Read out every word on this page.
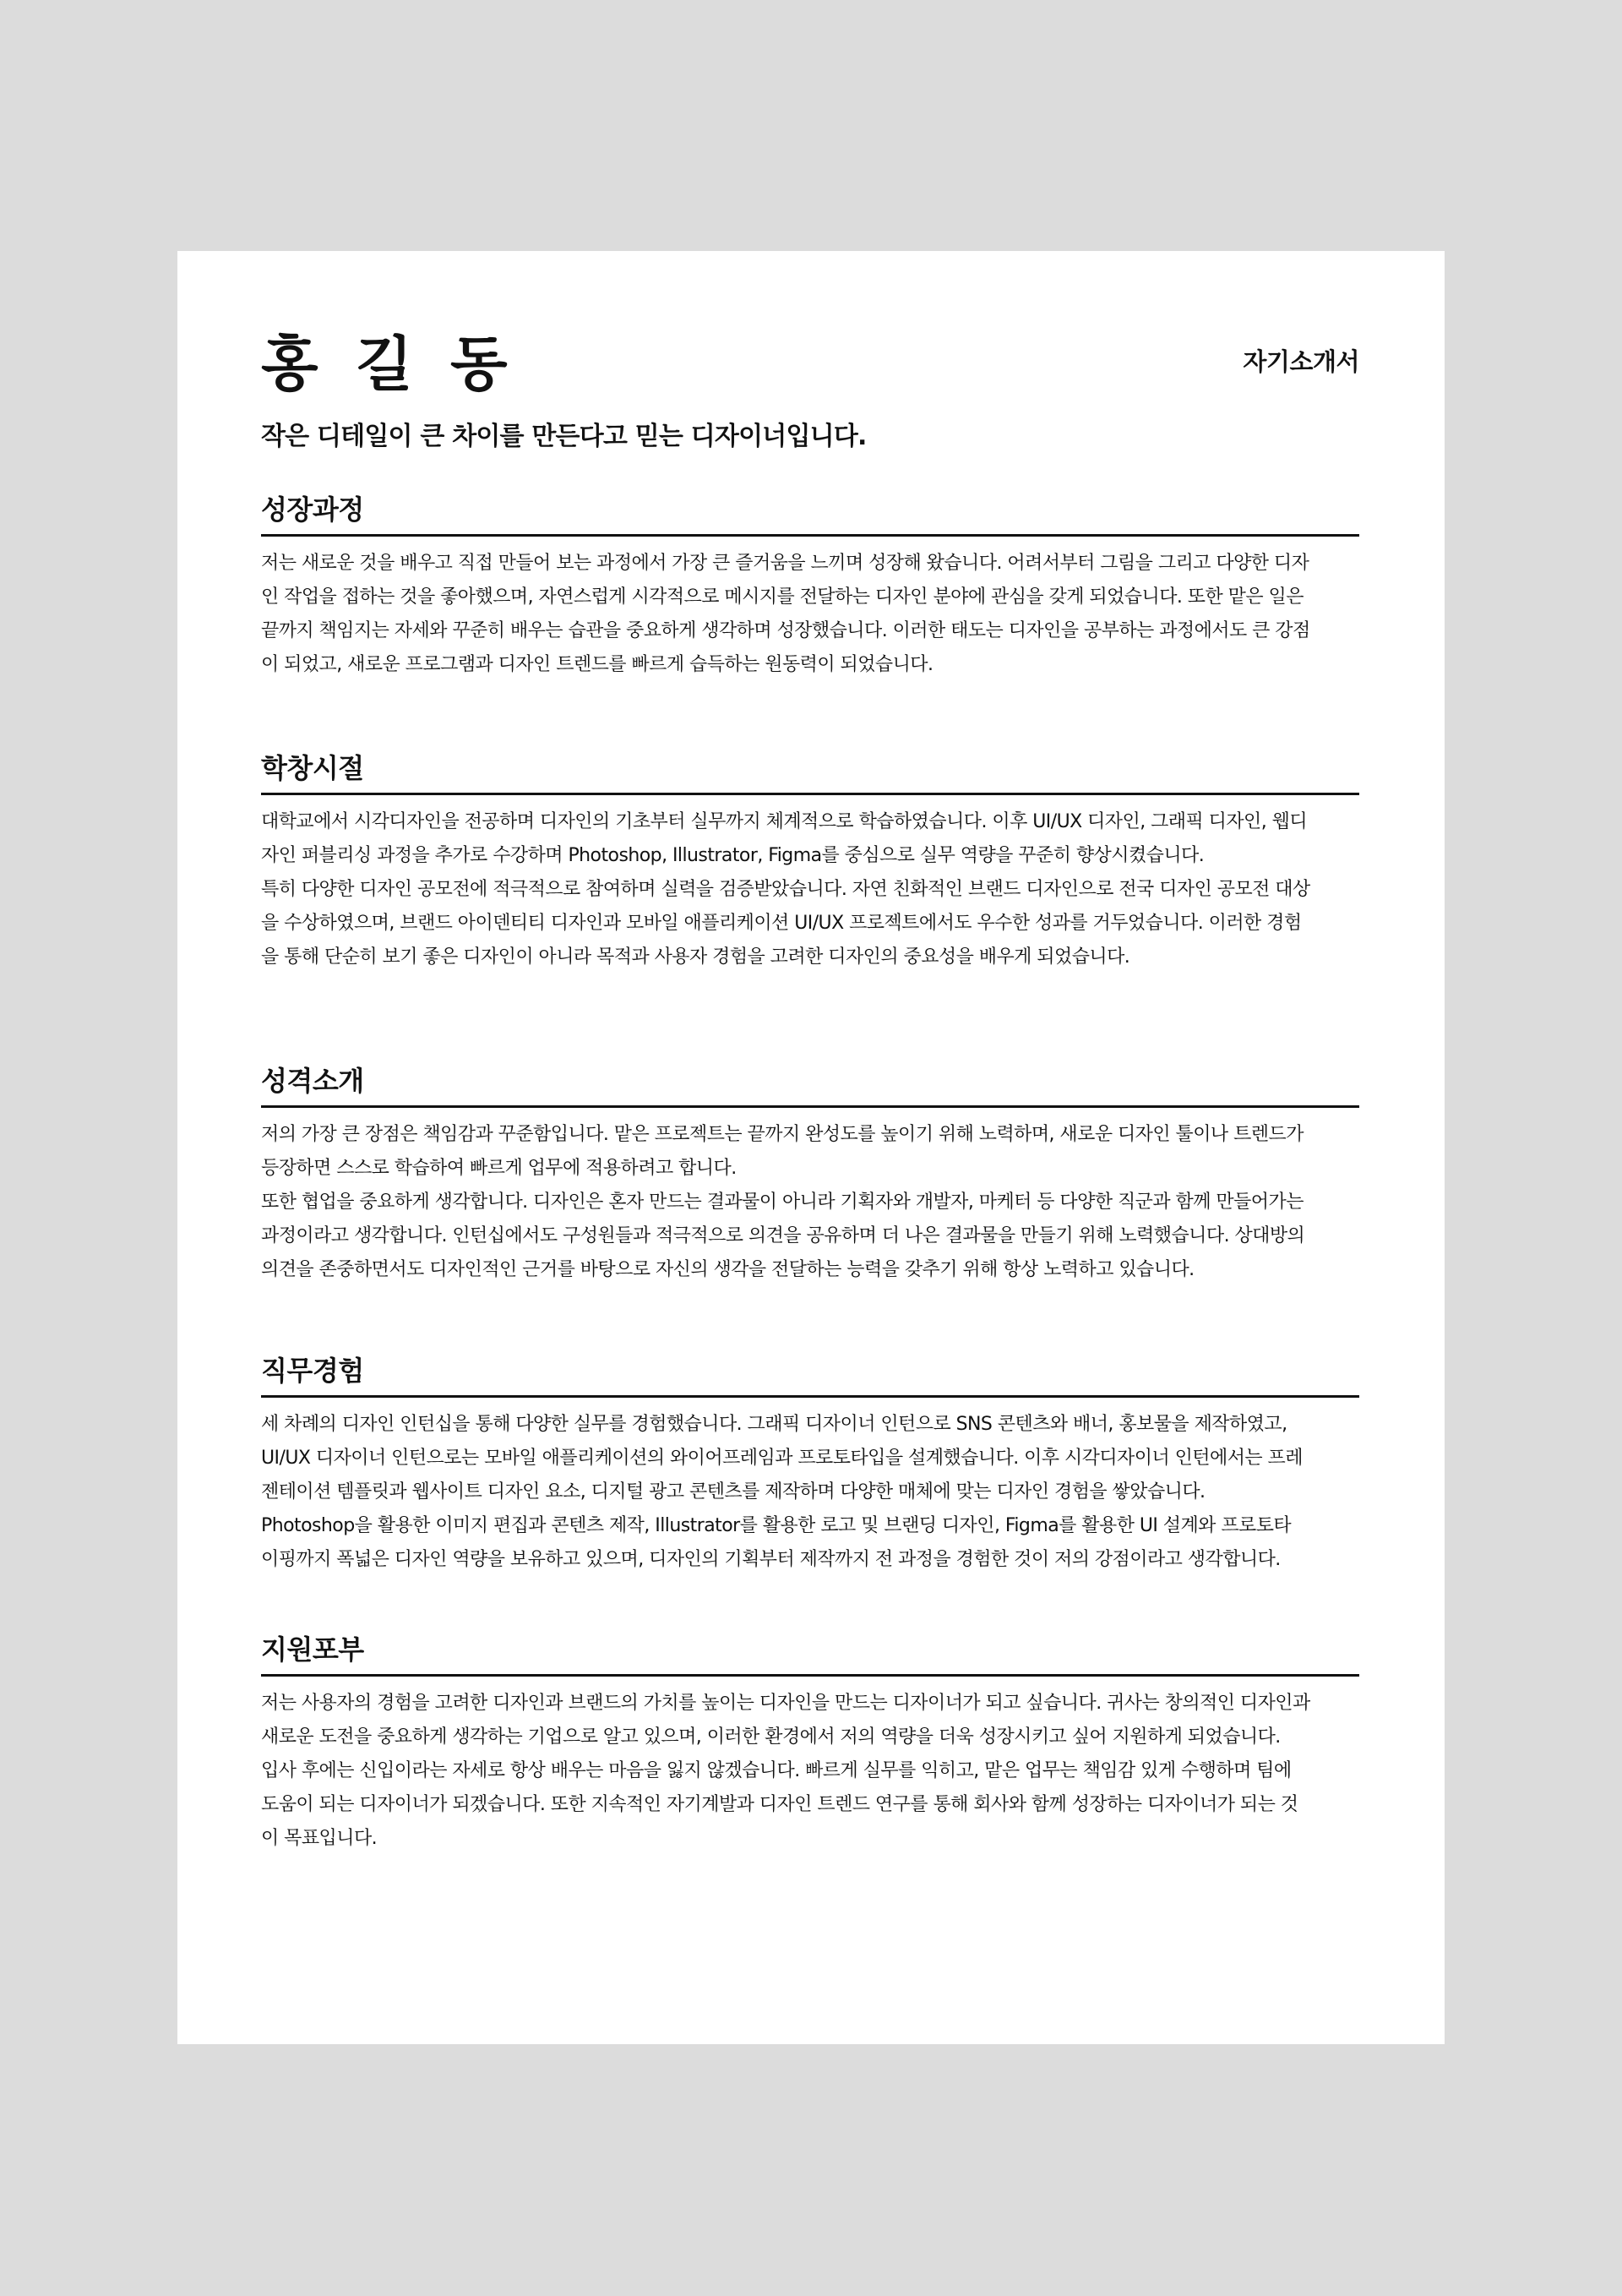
홍 길 동	자기소개서
작은 디테일이 큰 차이를 만든다고 믿는 디자이너입니다.
성장과정

저는 새로운 것을 배우고 직접 만들어 보는 과정에서 가장 큰 즐거움을 느끼며 성장해 왔습니다. 어려서부터 그림을 그리고 다양한 디자
인 작업을 접하는 것을 좋아했으며, 자연스럽게 시각적으로 메시지를 전달하는 디자인 분야에 관심을 갖게 되었습니다. 또한 맡은 일은
끝까지 책임지는 자세와 꾸준히 배우는 습관을 중요하게 생각하며 성장했습니다. 이러한 태도는 디자인을 공부하는 과정에서도 큰 강점
이 되었고, 새로운 프로그램과 디자인 트렌드를 빠르게 습득하는 원동력이 되었습니다.

학창시절

대학교에서 시각디자인을 전공하며 디자인의 기초부터 실무까지 체계적으로 학습하였습니다. 이후 UI/UX 디자인, 그래픽 디자인, 웹디
자인 퍼블리싱 과정을 추가로 수강하며 Photoshop, Illustrator, Figma를 중심으로 실무 역량을 꾸준히 향상시켰습니다.
특히 다양한 디자인 공모전에 적극적으로 참여하며 실력을 검증받았습니다. 자연 친화적인 브랜드 디자인으로 전국 디자인 공모전 대상
을 수상하였으며, 브랜드 아이덴티티 디자인과 모바일 애플리케이션 UI/UX 프로젝트에서도 우수한 성과를 거두었습니다. 이러한 경험
을 통해 단순히 보기 좋은 디자인이 아니라 목적과 사용자 경험을 고려한 디자인의 중요성을 배우게 되었습니다.

성격소개

저의 가장 큰 장점은 책임감과 꾸준함입니다. 맡은 프로젝트는 끝까지 완성도를 높이기 위해 노력하며, 새로운 디자인 툴이나 트렌드가
등장하면 스스로 학습하여 빠르게 업무에 적용하려고 합니다.
또한 협업을 중요하게 생각합니다. 디자인은 혼자 만드는 결과물이 아니라 기획자와 개발자, 마케터 등 다양한 직군과 함께 만들어가는
과정이라고 생각합니다. 인턴십에서도 구성원들과 적극적으로 의견을 공유하며 더 나은 결과물을 만들기 위해 노력했습니다. 상대방의
의견을 존중하면서도 디자인적인 근거를 바탕으로 자신의 생각을 전달하는 능력을 갖추기 위해 항상 노력하고 있습니다.

직무경험

세 차례의 디자인 인턴십을 통해 다양한 실무를 경험했습니다. 그래픽 디자이너 인턴으로 SNS 콘텐츠와 배너, 홍보물을 제작하였고,
UI/UX 디자이너 인턴으로는 모바일 애플리케이션의 와이어프레임과 프로토타입을 설계했습니다. 이후 시각디자이너 인턴에서는 프레
젠테이션 템플릿과 웹사이트 디자인 요소, 디지털 광고 콘텐츠를 제작하며 다양한 매체에 맞는 디자인 경험을 쌓았습니다.
Photoshop을 활용한 이미지 편집과 콘텐츠 제작, Illustrator를 활용한 로고 및 브랜딩 디자인, Figma를 활용한 UI 설계와 프로토타
이핑까지 폭넓은 디자인 역량을 보유하고 있으며, 디자인의 기획부터 제작까지 전 과정을 경험한 것이 저의 강점이라고 생각합니다.

지원포부

저는 사용자의 경험을 고려한 디자인과 브랜드의 가치를 높이는 디자인을 만드는 디자이너가 되고 싶습니다. 귀사는 창의적인 디자인과
새로운 도전을 중요하게 생각하는 기업으로 알고 있으며, 이러한 환경에서 저의 역량을 더욱 성장시키고 싶어 지원하게 되었습니다.
입사 후에는 신입이라는 자세로 항상 배우는 마음을 잃지 않겠습니다. 빠르게 실무를 익히고, 맡은 업무는 책임감 있게 수행하며 팀에
도움이 되는 디자이너가 되겠습니다. 또한 지속적인 자기계발과 디자인 트렌드 연구를 통해 회사와 함께 성장하는 디자이너가 되는 것
이 목표입니다.
